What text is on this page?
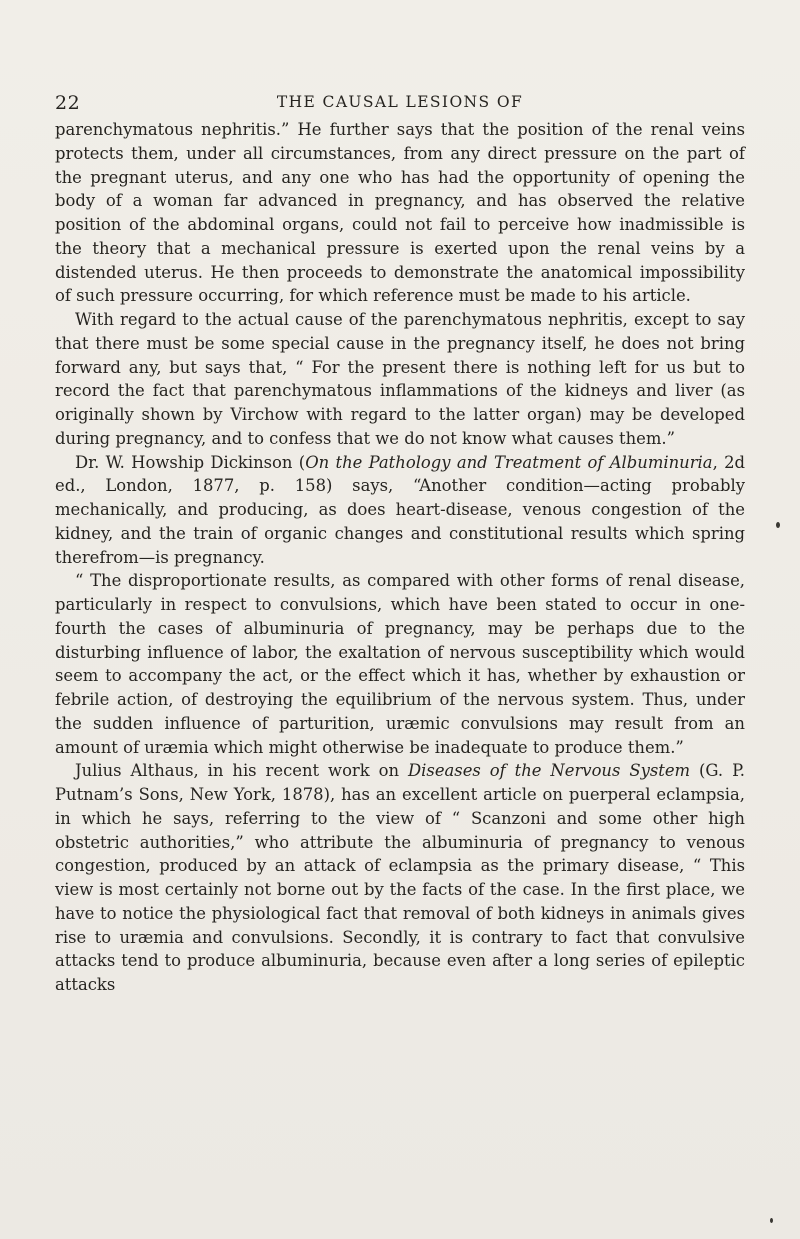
22	THE CAUSAL LESIONS OF

parenchymatous nephritis.” He further says that the position of the renal veins protects them, under all circumstances, from any direct pressure on the part of the pregnant uterus, and any one who has had the opportunity of opening the body of a woman far advanced in pregnancy, and has observed the relative position of the abdominal organs, could not fail to perceive how inadmissible is the theory that a mechanical pressure is exerted upon the renal veins by a distended uterus. He then proceeds to demonstrate the anatomical impossibility of such pressure occurring, for which reference must be made to his article.

With regard to the actual cause of the parenchymatous nephritis, except to say that there must be some special cause in the pregnancy itself, he does not bring forward any, but says that, “ For the present there is nothing left for us but to record the fact that parenchymatous inflammations of the kidneys and liver (as originally shown by Virchow with regard to the latter organ) may be developed during pregnancy, and to confess that we do not know what causes them.”

Dr. W. Howship Dickinson (On the Pathology and Treatment of Albuminuria, 2d ed., London, 1877, p. 158) says, “Another condition—acting probably mechanically, and producing, as does heart-disease, venous congestion of the kidney, and the train of organic changes and constitutional results which spring therefrom—is pregnancy.

“ The disproportionate results, as compared with other forms of renal disease, particularly in respect to convulsions, which have been stated to occur in one-fourth the cases of albuminuria of pregnancy, may be perhaps due to the disturbing influence of labor, the exaltation of nervous susceptibility which would seem to accompany the act, or the effect which it has, whether by exhaustion or febrile action, of destroying the equilibrium of the nervous system. Thus, under the sudden influence of parturition, uræmic convulsions may result from an amount of uræmia which might otherwise be inadequate to produce them.”

Julius Althaus, in his recent work on Diseases of the Nervous System (G. P. Putnam’s Sons, New York, 1878), has an excellent article on puerperal eclampsia, in which he says, referring to the view of “ Scanzoni and some other high obstetric authorities,” who attribute the albuminuria of pregnancy to venous congestion, produced by an attack of eclampsia as the primary disease, “ This view is most certainly not borne out by the facts of the case. In the first place, we have to notice the physiological fact that removal of both kidneys in animals gives rise to uræmia and convulsions. Secondly, it is contrary to fact that convulsive attacks tend to produce albuminuria, because even after a long series of epileptic attacks
